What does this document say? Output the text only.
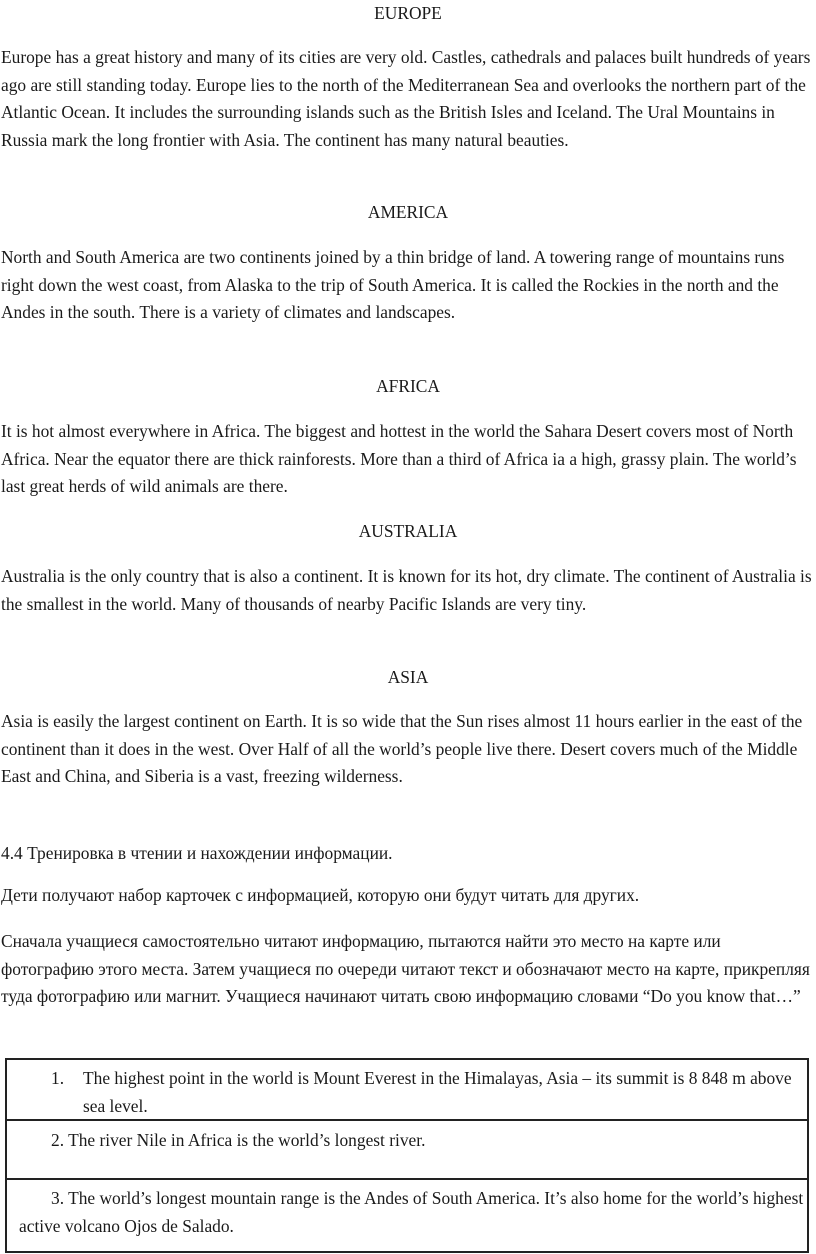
EUROPE

Europe has a great history and many of its cities are very old. Castles, cathedrals and palaces built hundreds of years ago are still standing today. Europe lies to the north of the Mediterranean Sea and overlooks the northern part of the Atlantic Ocean. It includes the surrounding islands such as the British Isles and Iceland. The Ural Mountains in Russia mark the long frontier with Asia. The continent has many natural beauties.

AMERICA

North and South America are two continents joined by a thin bridge of land. A towering range of mountains runs right down the west coast, from Alaska to the trip of South America. It is called the Rockies in the north and the Andes in the south. There is a variety of climates and landscapes.

AFRICA

It is hot almost everywhere in Africa. The biggest and hottest in the world the Sahara Desert covers most of North Africa. Near the equator there are thick rainforests. More than a third of Africa ia a high, grassy plain. The world’s last great herds of wild animals are there.

AUSTRALIA

Australia is the only country that is also a continent. It is known for its hot, dry climate. The continent of Australia is the smallest in the world. Many of thousands of nearby Pacific Islands are very tiny.

ASIA

Asia is easily the largest continent on Earth. It is so wide that the Sun rises almost 11 hours earlier in the east of the continent than it does in the west. Over Half of all the world’s people live there. Desert covers much of the Middle East and China, and Siberia is a vast, freezing wilderness.

4.4 Тренировка в чтении и нахождении информации.

Дети получают набор карточек с информацией, которую они будут читать для других.

Сначала учащиеся самостоятельно читают информацию, пытаются найти это место на карте или фотографию этого места. Затем учащиеся по очереди читают текст и обозначают место на карте, прикрепляя туда фотографию или магнит. Учащиеся начинают читать свою информацию словами “Do you know that…”

1. The highest point in the world is Mount Everest in the Himalayas, Asia – its summit is 8 848 m above sea level.

2. The river Nile in Africa is the world’s longest river.

3. The world’s longest mountain range is the Andes of South America. It’s also home for the world’s highest active volcano Ojos de Salado.
